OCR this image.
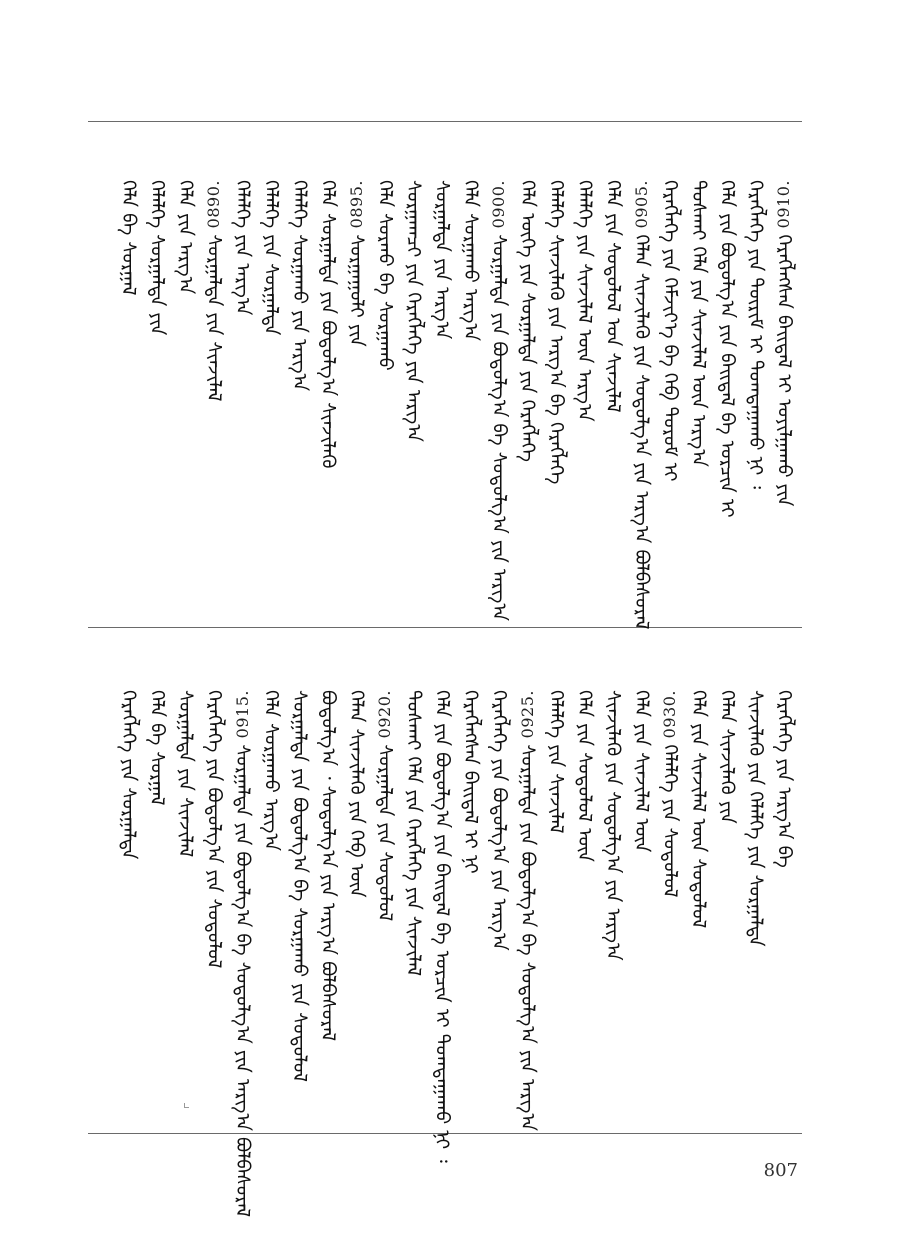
0910.ᠬᠡᠷᠡᠭᠯᠡᠭᠰᠡᠨ ᠪᠠᠢᠳᠠᠯ ᠢ ᠤᠶᠢᠯᠭᠠᠬᠤ ᠶᠢᠨ
ᠬᠡᠷᠡᠭᠯᠡᠭᠡ ᠶᠢᠨ ᠳᠦᠷᠢᠮ ᠢ ᠲᠣᠭᠲᠠᠭᠠᠬᠤ ᠨᠢ ᠄
ᠬᠡᠯᠡ ᠶᠢᠨ ᠪᠣᠳᠣᠯᠭ᠎ᠠ ᠶᠢᠨ ᠪᠠᠢᠳᠠᠯ ᠪᠠ ᠣᠷᠴᠢᠨ ᠢ
ᠲᠤᠰᠬᠠᠶ ᠬᠡᠯᠡ ᠶᠢᠨ ᠰᠢᠨᠵᠢᠯᠡᠯ ᠦᠨ ᠠᠷᠭ᠎ᠠ
ᠬᠡᠷᠡᠭᠯᠡᠭᠡ ᠶᠢᠨ ᠬᠡᠮᠵᠢᠶ᠎ᠡ ᠪᠠ ᠬᠡᠪ ᠳᠣᠷᠣᠮ ᠢ
0905.ᠬᠡᠯᠡᠨ ᠰᠢᠨᠵᠢᠯᠡᠬᠦ ᠶᠢᠨ ᠰᠤᠳᠤᠯᠭ᠎ᠠ ᠶᠢᠨ ᠠᠷᠭ᠎ᠠ ᠪᠣᠯᠪᠠᠰᠤᠷᠠᠯ
ᠬᠡᠯᠡ ᠶᠢᠨ ᠰᠤᠳᠤᠯᠤᠯ ᠤᠨ ᠰᠢᠨᠵᠢᠯᠡᠯ
ᠬᠡᠯᠡᠯᠭᠡ ᠶᠢᠨ ᠰᠢᠨᠵᠢᠯᠡᠯ ᠦᠨ ᠠᠷᠭ᠎ᠠ
ᠬᠡᠯᠡᠯᠭᠡ ᠰᠢᠨᠵᠢᠯᠡᠬᠦ ᠶᠢᠨ ᠠᠷᠭ᠎ᠠ ᠪᠠ ᠬᠡᠷᠡᠭᠯᠡᠭᠡ
ᠬᠡᠯᠡ ᠦᠭᠡ ᠶᠢᠨ ᠰᠤᠷᠭᠠᠯᠲᠠ ᠶᠢᠨ ᠬᠡᠷᠡᠭᠯᠡᠭᠡ
0900.ᠰᠤᠷᠭᠠᠯᠲᠠ ᠶᠢᠨ ᠪᠤᠳᠤᠯᠭ᠎ᠠ ᠪᠠ ᠰᠤᠳᠤᠯᠭ᠎ᠠ ᠶᠢᠨ ᠠᠷᠭ᠎ᠠ
ᠬᠡᠯᠡ ᠰᠤᠷᠭᠠᠬᠤ ᠠᠷᠭ᠎ᠠ
ᠰᠤᠷᠭᠠᠯᠲᠠ ᠶᠢᠨ ᠠᠷᠭ᠎ᠠ
ᠰᠤᠷᠭᠠᠭᠴᠢ ᠶᠢᠨ ᠬᠡᠷᠡᠭᠯᠡᠭᠡ ᠶᠢᠨ ᠠᠷᠭ᠎ᠠ
ᠬᠡᠯᠡ ᠰᠤᠷᠬᠤ ᠪᠠ ᠰᠤᠷᠭᠠᠬᠤ
0895.ᠰᠤᠷᠭᠠᠭᠤᠯᠢ ᠶᠢᠨ
ᠬᠡᠯᠡ ᠰᠤᠷᠭᠠᠯᠲᠠ ᠶᠢᠨ ᠪᠣᠳᠣᠯᠭ᠎ᠠ ᠰᠢᠨᠵᠢᠯᠡᠬᠦ
ᠬᠡᠯᠡᠯᠭᠡ ᠰᠤᠷᠭᠠᠬᠤ ᠶᠢᠨ ᠠᠷᠭ᠎ᠠ
ᠬᠡᠯᠡᠯᠭᠡ ᠶᠢᠨ ᠰᠤᠷᠭᠠᠯᠲᠠ
ᠬᠡᠯᠡᠯᠭᠡ ᠶᠢᠨ ᠠᠷᠭ᠎ᠠ
0890.ᠰᠤᠷᠭᠠᠯᠲᠠ ᠶᠢᠨ ᠰᠢᠨᠵᠢᠯᠡᠯ
ᠬᠡᠯᠡ ᠶᠢᠨ ᠠᠷᠭ᠎ᠠ
ᠬᠡᠯᠡᠯᠭᠡ ᠰᠤᠷᠭᠠᠯᠲᠠ ᠶᠢᠨ
ᠬᠡᠯᠡ ᠪᠠ ᠰᠤᠷᠭᠠᠯ
ᠬᠡᠷᠡᠭᠯᠡᠭᠡ ᠶᠢᠨ ᠠᠷᠭ᠎ᠠ ᠪᠠ
ᠰᠢᠨᠵᠢᠯᠡᠬᠦ ᠶᠢᠨ ᠬᠡᠯᠡᠯᠭᠡ ᠶᠢᠨ ᠰᠤᠷᠭᠠᠯᠲᠠ
ᠬᠡᠯᠡᠨ ᠰᠢᠨᠵᠢᠯᠡᠬᠦ ᠶᠢᠨ
ᠬᠡᠯᠡ ᠶᠢᠨ ᠰᠢᠨᠵᠢᠯᠡᠯ ᠦᠨ ᠰᠤᠳᠤᠯᠤᠯ
0930.ᠬᠡᠯᠡᠯᠭᠡ ᠶᠢᠨ ᠰᠤᠳᠤᠯᠤᠯ
ᠬᠡᠯᠡ ᠶᠢᠨ ᠰᠢᠨᠵᠢᠯᠡᠯ ᠦᠨ
ᠰᠢᠨᠵᠢᠯᠡᠬᠦ ᠶᠢᠨ ᠰᠤᠳᠤᠯᠭ᠎ᠠ ᠶᠢᠨ ᠠᠷᠭ᠎ᠠ
ᠬᠡᠯᠡ ᠶᠢᠨ ᠰᠤᠳᠤᠯᠤᠯ ᠦᠨ
ᠬᠡᠯᠡᠯᠭᠡ ᠶᠢᠨ ᠰᠢᠨᠵᠢᠯᠡᠯ
0925.ᠰᠤᠷᠭᠠᠯᠲᠠ ᠶᠢᠨ ᠪᠤᠳᠤᠯᠭ᠎ᠠ ᠪᠠ ᠰᠤᠳᠤᠯᠭ᠎ᠠ ᠶᠢᠨ ᠠᠷᠭ᠎ᠠ
ᠬᠡᠷᠡᠭᠯᠡᠭᠡ ᠶᠢᠨ ᠪᠣᠳᠣᠯᠭ᠎ᠠ ᠶᠢᠨ ᠠᠷᠭ᠎ᠠ
ᠬᠡᠷᠡᠭᠯᠡᠭᠰᠡᠨ ᠪᠠᠢᠳᠠᠯ ᠢ ᠨᠢ
ᠬᠡᠯᠡ ᠶᠢᠨ ᠪᠣᠳᠣᠯᠭ᠎ᠠ ᠶᠢᠨ ᠪᠠᠢᠳᠠᠯ ᠪᠠ ᠣᠷᠴᠢᠨ ᠢ ᠲᠣᠭᠲᠠᠭᠠᠬᠤ ᠨᠢ ᠄
ᠲᠤᠰᠬᠠᠶ ᠬᠡᠯᠡ ᠶᠢᠨ ᠬᠡᠷᠡᠭᠯᠡᠭᠡ ᠶᠢᠨ ᠰᠢᠨᠵᠢᠯᠡᠯ
0920.ᠰᠤᠷᠭᠠᠯᠲᠠ ᠶᠢᠨ ᠰᠤᠳᠤᠯᠤᠯ
ᠬᠡᠯᠡᠨ ᠰᠢᠨᠵᠢᠯᠡᠬᠦ ᠶᠢᠨ ᠬᠡᠪ ᠦᠨ
ᠪᠣᠳᠣᠯᠭ᠎ᠠ ᠂ ᠰᠤᠳᠤᠯᠭ᠎ᠠ ᠶᠢᠨ ᠠᠷᠭ᠎ᠠ ᠪᠣᠯᠪᠠᠰᠤᠷᠠᠯ
ᠰᠤᠷᠭᠠᠯᠲᠠ ᠶᠢᠨ ᠪᠤᠳᠤᠯᠭ᠎ᠠ ᠪᠠ ᠰᠤᠷᠭᠠᠬᠤ ᠶᠢᠨ ᠰᠤᠳᠤᠯᠤᠯ
ᠬᠡᠯᠡ ᠰᠤᠷᠭᠠᠬᠤ ᠠᠷᠭ᠎ᠠ
0915.ᠰᠤᠷᠭᠠᠯᠲᠠ ᠶᠢᠨ ᠪᠤᠳᠤᠯᠭ᠎ᠠ ᠪᠠ ᠰᠤᠳᠤᠯᠭ᠎ᠠ ᠶᠢᠨ ᠠᠷᠭ᠎ᠠ ᠪᠣᠯᠪᠠᠰᠤᠷᠠᠯ
ᠬᠡᠷᠡᠭᠯᠡᠭᠡ ᠶᠢᠨ ᠪᠣᠳᠣᠯᠭ᠎ᠠ ᠶᠢᠨ ᠰᠤᠳᠤᠯᠤᠯ
ᠰᠤᠷᠭᠠᠯᠲᠠ ᠶᠢᠨ ᠰᠢᠨᠵᠢᠯᠡᠯ
ᠬᠡᠯᠡ ᠪᠠ ᠰᠤᠷᠭᠠᠯ
ᠬᠡᠷᠡᠭᠯᠡᠭᠡ ᠶᠢᠨ ᠰᠤᠷᠭᠠᠯᠲᠠ
807
